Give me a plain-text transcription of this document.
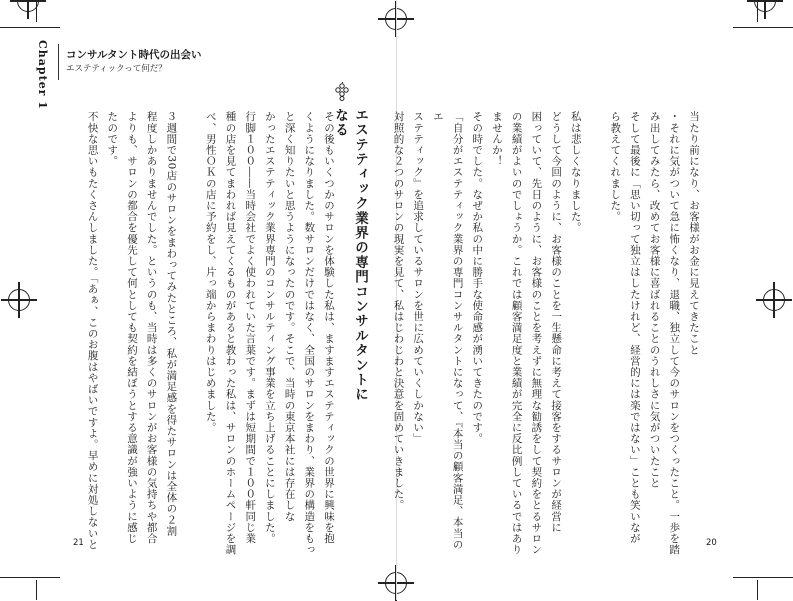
Chapter 1 コンサルタント時代の出会い
エステティックって何だ？
エステティック業界の専門コンサルタントになる
その後もいくつかのサロンを体験した私は、ますますエステティックの世界に興味を抱
くようになりました。数サロンだけではなく、全国のサロンをまわり、業界の構造をもっ
と深く知りたいと思うようになったのです。そこで、当時の東京本社には存在しな
かったエステティック業界専門のコンサルティング事業を立ち上げることにしました。
行脚１００――当時会社でよく使われていた言葉です。まずは短期間で１００軒同じ業
種の店を見てまわれば見えてくるものがあると教わった私は、サロンのホームページを調
べ、男性ＯＫの店に予約をし、片っ端からまわりはじめました。

３週間で30店のサロンをまわってみたところ、私が満足感を得たサロンは全体の２割
程度しかありませんでした。というのも、当時は多くのサロンがお客様の気持ちや都合
よりも、サロンの都合を優先して何としても契約を結ぼうとする意識が強いように感じ
たのです。
不快な思いもたくさんしました。「あぁ、このお腹はやばいですよ。早めに対処しないと
21
当たり前になり、お客様がお金に見えてきたこと
・それに気がついて急に怖くなり、退職、独立して今のサロンをつくったこと。一歩を踏
み出してみたら、改めてお客様に喜ばれることのうれしさに気がついたこと
そして最後に「思い切って独立はしたけれど、経営的には楽ではない」ことも笑いなが
ら教えてくれました。

私は悲しくなりました。
どうして今回のように、お客様のことを一生懸命に考えて接客をするサロンが経営に
困っていて、先日のように、お客様のことを考えずに無理な勧誘をして契約をとるサロン
の業績がよいのでしょうか。これでは顧客満足度と業績が完全に反比例しているではあり
ませんか！
その時でした。なぜか私の中に勝手な使命感が湧いてきたのです。
「自分がエステティック業界の専門コンサルタントになって、『本当の顧客満足、本当のエ
ステティック』を追求しているサロンを世に広めていくしかない」
対照的な２つのサロンの現実を見て、私はじわじわと決意を固めていきました。
20
